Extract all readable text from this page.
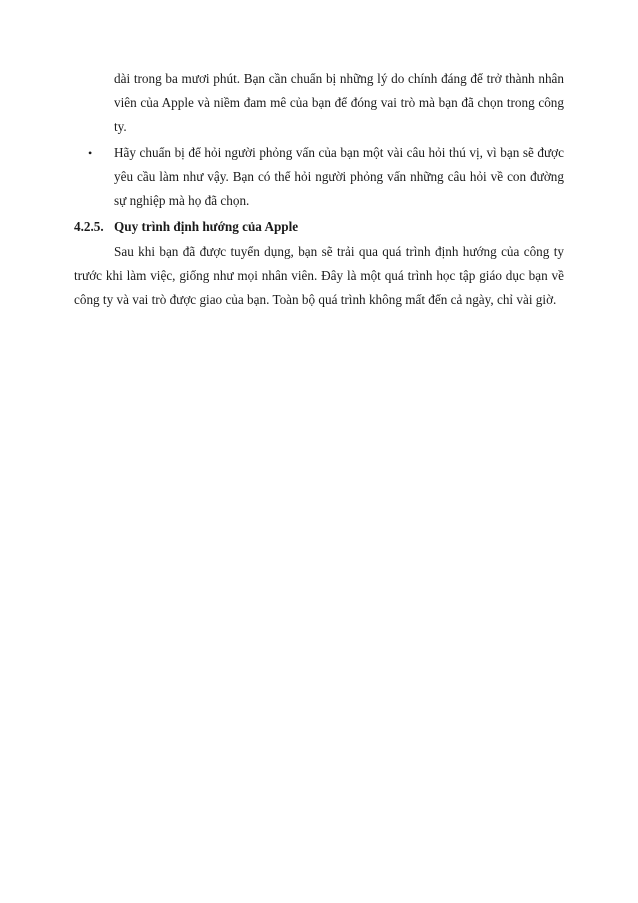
dài trong ba mươi phút. Bạn cần chuẩn bị những lý do chính đáng để trở thành nhân viên của Apple và niềm đam mê của bạn để đóng vai trò mà bạn đã chọn trong công ty.
• Hãy chuẩn bị để hỏi người phỏng vấn của bạn một vài câu hỏi thú vị, vì bạn sẽ được yêu cầu làm như vậy. Bạn có thể hỏi người phỏng vấn những câu hỏi về con đường sự nghiệp mà họ đã chọn.
4.2.5. Quy trình định hướng của Apple
Sau khi bạn đã được tuyển dụng, bạn sẽ trải qua quá trình định hướng của công ty trước khi làm việc, giống như mọi nhân viên. Đây là một quá trình học tập giáo dục bạn về công ty và vai trò được giao của bạn. Toàn bộ quá trình không mất đến cả ngày, chỉ vài giờ.
